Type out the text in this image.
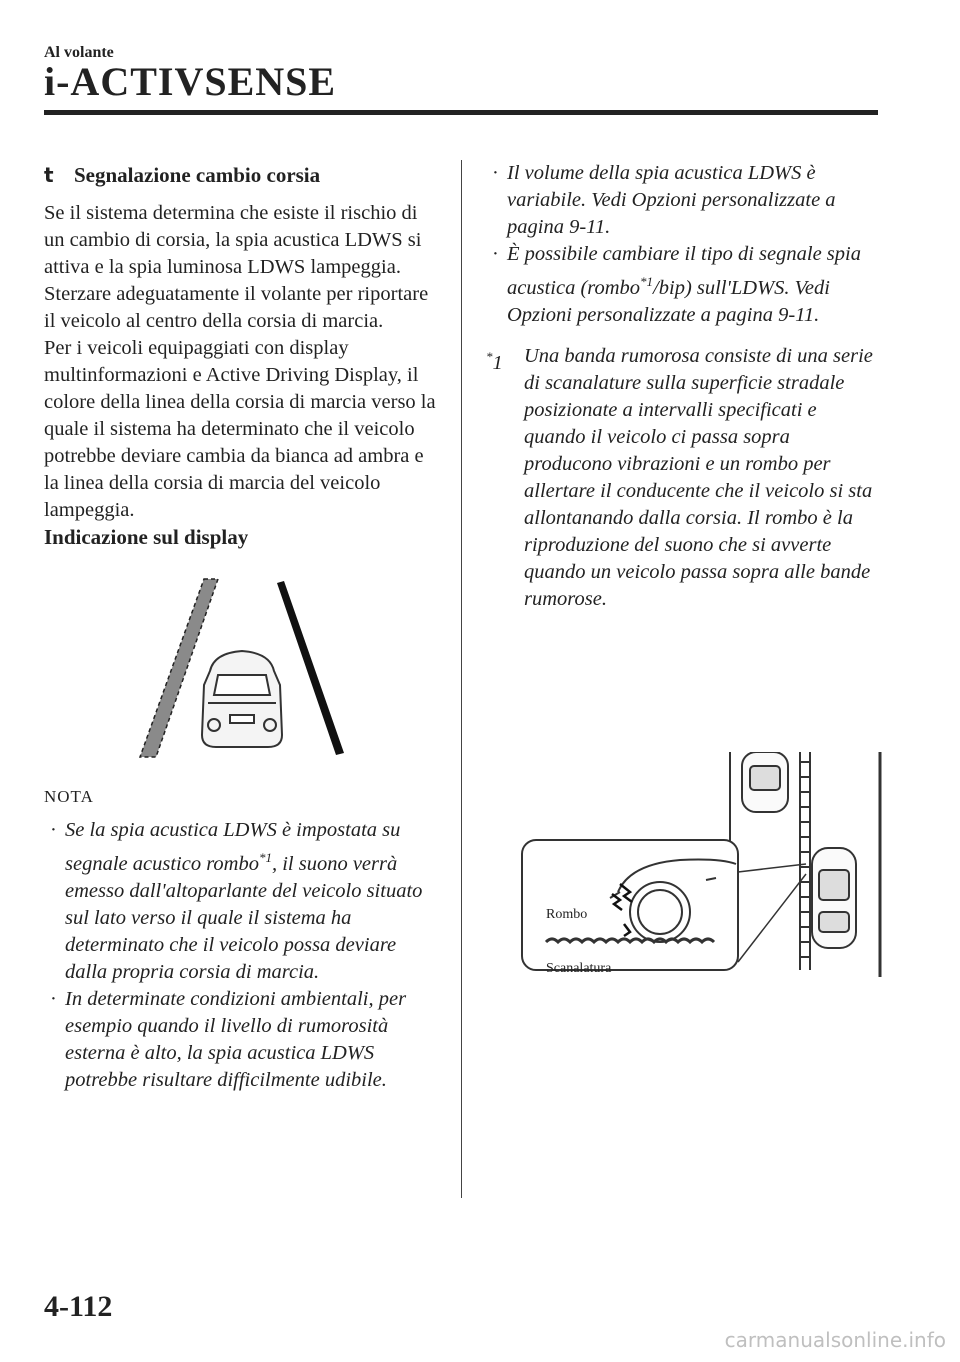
Al volante
i-ACTIVSENSE
t Segnalazione cambio corsia

Se il sistema determina che esiste il rischio di un cambio di corsia, la spia acustica LDWS si attiva e la spia luminosa LDWS lampeggia. Sterzare adeguatamente il volante per riportare il veicolo al centro della corsia di marcia.

Per i veicoli equipaggiati con display multinformazioni e Active Driving Display, il colore della linea della corsia di marcia verso la quale il sistema ha determinato che il veicolo potrebbe deviare cambia da bianca ad ambra e la linea della corsia di marcia del veicolo lampeggia.

Indicazione sul display
NOTA
· Se la spia acustica LDWS è impostata su segnale acustico rombo$^{*1}$, il suono verrà emesso dall'altoparlante del veicolo situato sul lato verso il quale il sistema ha determinato che il veicolo possa deviare dalla propria corsia di marcia.
· In determinate condizioni ambientali, per esempio quando il livello di rumorosità esterna è alto, la spia acustica LDWS potrebbe risultare difficilmente udibile.
· Il volume della spia acustica LDWS è variabile. Vedi Opzioni personalizzate a pagina 9-11.
· È possibile cambiare il tipo di segnale spia acustica (rombo$^{*1}$/bip) sull'LDWS. Vedi Opzioni personalizzate a pagina 9-11.
*1	Una banda rumorosa consiste di una serie di scanalature sulla superficie stradale posizionate a intervalli specificati e quando il veicolo ci passa sopra producono vibrazioni e un rombo per allertare il conducente che il veicolo si sta allontanando dalla corsia. Il rombo è la riproduzione del suono che si avverte quando un veicolo passa sopra alle bande rumorose.
Rombo
Scanalatura
4-112
carmanualsonline.info
